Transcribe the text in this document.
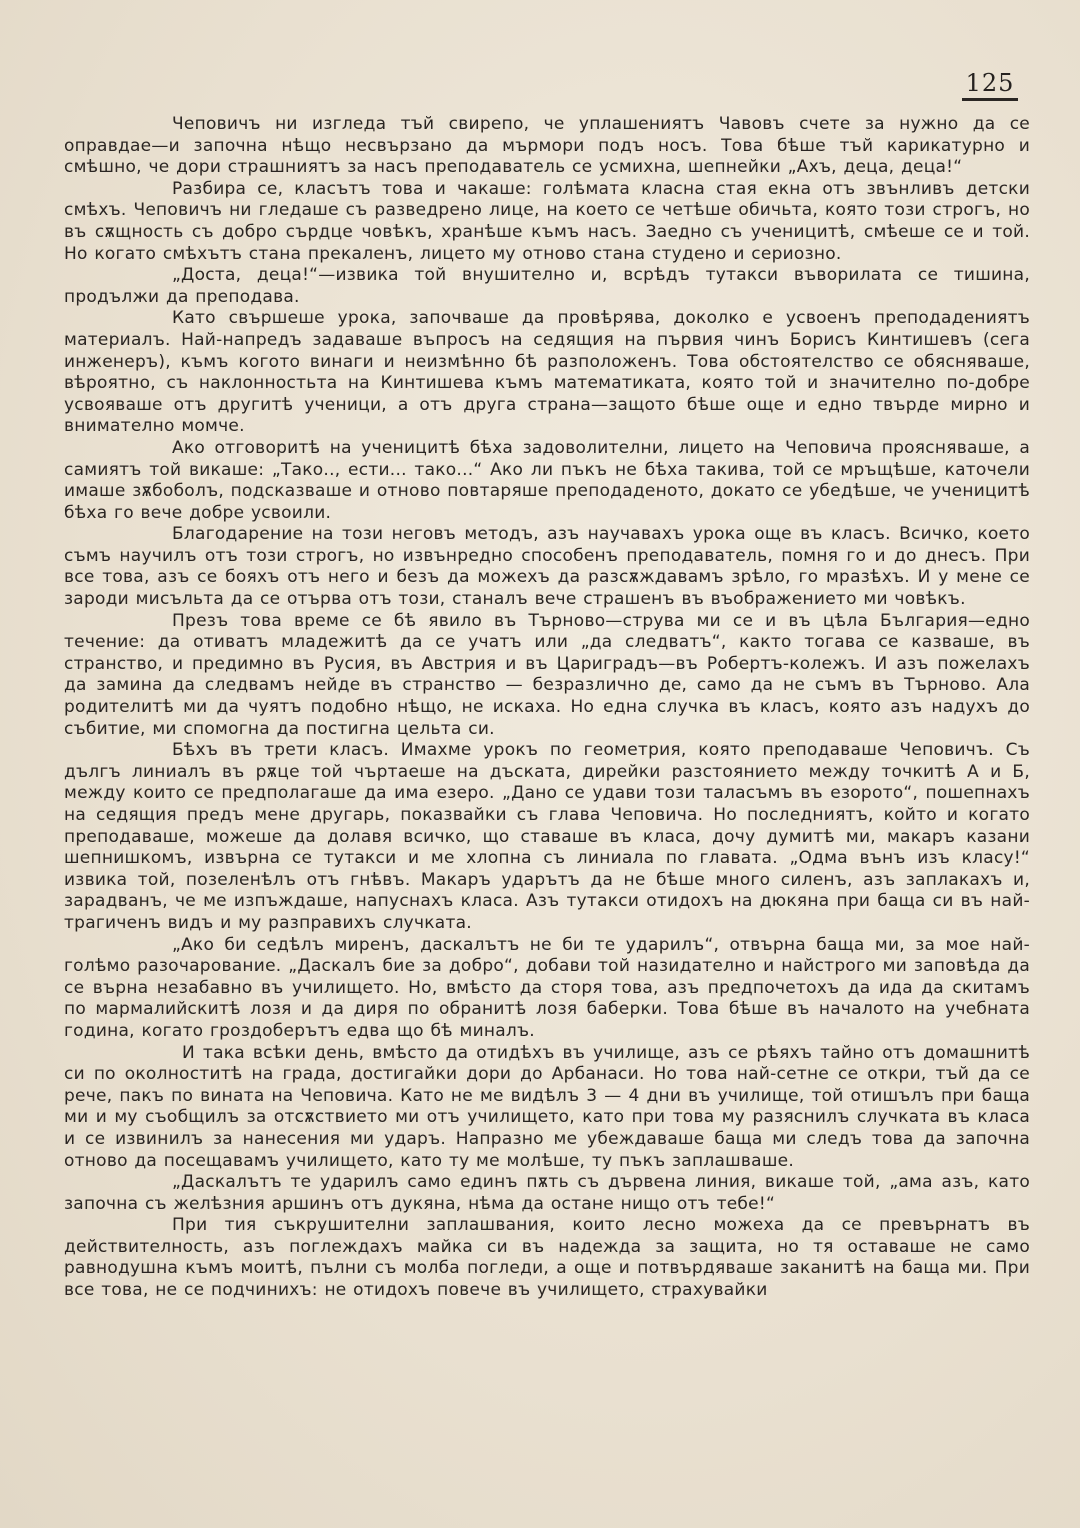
125

Чеповичъ ни изгледа тъй свирепо, че уплашениятъ Чавовъ счете за нужно да се оправдае—и започна нѣщо несвързано да мърмори подъ носъ. Това бѣше тъй карикатурно и смѣшно, че дори страшниятъ за насъ преподаватель се усмихна, шепнейки „Ахъ, деца, деца!“

Разбира се, класътъ това и чакаше: голѣмата класна стая екна отъ звънливъ детски смѣхъ. Чеповичъ ни гледаше съ разведрено лице, на което се четѣше обичьта, която този строгъ, но въ сѫщность съ добро сърдце човѣкъ, хранѣше къмъ насъ. Заедно съ ученицитѣ, смѣеше се и той. Но когато смѣхътъ стана прекаленъ, лицето му отново стана студено и сериозно.

„Доста, деца!“—извика той внушително и, всрѣдъ тутакси въворилата се тишина, продължи да преподава.

Като свършеше урока, започваше да провѣрява, доколко е усвоенъ преподадениятъ материалъ. Най-напредъ задаваше въпросъ на седящия на първия чинъ Борисъ Кинтишевъ (сега инженеръ), къмъ когото винаги и неизмѣнно бѣ разположенъ. Това обстоятелство се обясняваше, вѣроятно, съ наклонностьта на Кинтишева къмъ математиката, която той и значително по-добре усвояваше отъ другитѣ ученици, а отъ друга страна—защото бѣше още и едно твърде мирно и внимателно момче.

Ако отговоритѣ на ученицитѣ бѣха задоволителни, лицето на Чеповича проясняваше, а самиятъ той викаше: „Тако.., ести... тако...“ Ако ли пъкъ не бѣха такива, той се мръщѣше, каточели имаше зѫбоболъ, подсказваше и отново повтаряше преподаденото, докато се убедѣше, че ученицитѣ бѣха го вече добре усвоили.

Благодарение на този неговъ методъ, азъ научавахъ урока още въ класъ. Всичко, което съмъ научилъ отъ този строгъ, но извънредно способенъ преподаватель, помня го и до днесъ. При все това, азъ се бояхъ отъ него и безъ да можехъ да разсѫждавамъ зрѣло, го мразѣхъ. И у мене се зароди мисъльта да се отърва отъ този, станалъ вече страшенъ въ въображението ми човѣкъ.

Презъ това време се бѣ явило въ Търново—струва ми се и въ цѣла България—едно течение: да отиватъ младежитѣ да се учатъ или „да следватъ“, както тогава се казваше, въ странство, и предимно въ Русия, въ Австрия и въ Цариградъ—въ Робертъ-колежъ. И азъ пожелахъ да замина да следвамъ нейде въ странство — безразлично де, само да не съмъ въ Търново. Ала родителитѣ ми да чуятъ подобно нѣщо, не искаха. Но една случка въ класъ, която азъ надухъ до събитие, ми спомогна да постигна цельта си.

Бѣхъ въ трети класъ. Имахме урокъ по геометрия, която преподаваше Чеповичъ. Съ дългъ линиалъ въ рѫце той чъртаеше на дъската, дирейки разстоянието между точкитѣ А и Б, между които се предполагаше да има езеро. „Дано се удави този таласъмъ въ езорото“, пошепнахъ на седящия предъ мене другарь, показвайки съ глава Чеповича. Но последниятъ, който и когато преподаваше, можеше да долавя всичко, що ставаше въ класа, дочу думитѣ ми, макаръ казани шепнишкомъ, извърна се тутакси и ме хлопна съ линиала по главата. „Одма вънъ изъ класу!“ извика той, позеленѣлъ отъ гнѣвъ. Макаръ ударътъ да не бѣше много силенъ, азъ заплакахъ и, зарадванъ, че ме изпъждаше, напуснахъ класа. Азъ тутакси отидохъ на дюкяна при баща си въ най-трагиченъ видъ и му разправихъ случката.

„Ако би седѣлъ миренъ, даскалътъ не би те ударилъ“, отвърна баща ми, за мое най-голѣмо разочарование. „Даскалъ бие за добро“, добави той назидателно и найстрого ми заповѣда да се върна незабавно въ училището. Но, вмѣсто да сторя това, азъ предпочетохъ да ида да скитамъ по мармалийскитѣ лозя и да диря по обранитѣ лозя баберки. Това бѣше въ началото на учебната година, когато гроздоберътъ едва що бѣ миналъ.

И така всѣки день, вмѣсто да отидѣхъ въ училище, азъ се рѣяхъ тайно отъ домашнитѣ си по околноститѣ на града, достигайки дори до Арбанаси. Но това най-сетне се откри, тъй да се рече, пакъ по вината на Чеповича. Като не ме видѣлъ 3 — 4 дни въ училище, той отишълъ при баща ми и му съобщилъ за отсѫствието ми отъ училището, като при това му разяснилъ случката въ класа и се извинилъ за нанесения ми ударъ. Напразно ме убеждаваше баща ми следъ това да започна отново да посещавамъ училището, като ту ме молѣше, ту пъкъ заплашваше.

„Даскалътъ те ударилъ само единъ пѫть съ дървена линия, викаше той, „ама азъ, като започна съ желѣзния аршинъ отъ дукяна, нѣма да остане нищо отъ тебе!“

При тия съкрушителни заплашвания, които лесно можеха да се превърнатъ въ действителность, азъ поглеждахъ майка си въ надежда за защита, но тя оставаше не само равнодушна къмъ моитѣ, пълни съ молба погледи, а още и потвърдяваше заканитѣ на баща ми. При все това, не се подчинихъ: не отидохъ повече въ училището, страхувайки
